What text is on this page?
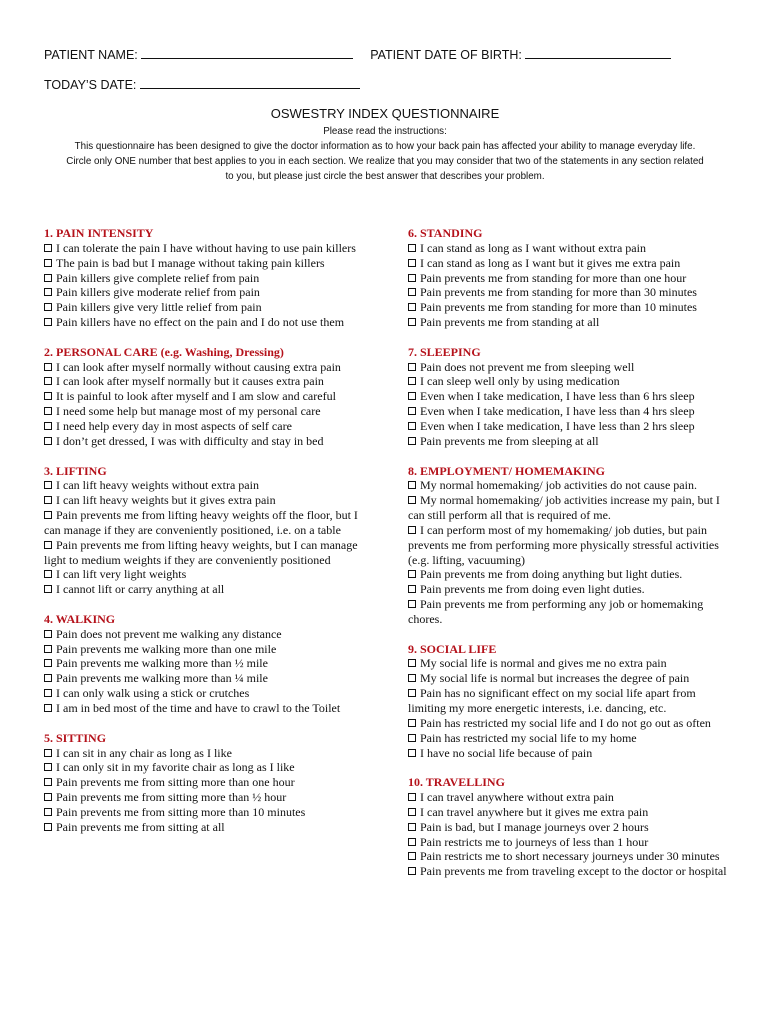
PATIENT NAME:	PATIENT DATE OF BIRTH:
TODAY’S DATE:
OSWESTRY INDEX QUESTIONNAIRE
Please read the instructions:
This questionnaire has been designed to give the doctor information as to how your back pain has affected your ability to manage everyday life.
Circle only ONE number that best applies to you in each section. We realize that you may consider that two of the statements in any section related
to you, but please just circle the best answer that describes your problem.
1. PAIN INTENSITY
I can tolerate the pain I have without having to use pain killers
The pain is bad but I manage without taking pain killers
Pain killers give complete relief from pain
Pain killers give moderate relief from pain
Pain killers give very little relief from pain
Pain killers have no effect on the pain and I do not use them
2. PERSONAL CARE (e.g. Washing, Dressing)
I can look after myself normally without causing extra pain
I can look after myself normally but it causes extra pain
It is painful to look after myself and I am slow and careful
I need some help but manage most of my personal care
I need help every day in most aspects of self care
I don’t get dressed, I was with difficulty and stay in bed
3. LIFTING
I can lift heavy weights without extra pain
I can lift heavy weights but it gives extra pain
Pain prevents me from lifting heavy weights off the floor, but I can manage if they are conveniently positioned, i.e. on a table
Pain prevents me from lifting heavy weights, but I can manage light to medium weights if they are conveniently positioned
I can lift very light weights
I cannot lift or carry anything at all
4. WALKING
Pain does not prevent me walking any distance
Pain prevents me walking more than one mile
Pain prevents me walking more than ½ mile
Pain prevents me walking more than ¼ mile
I can only walk using a stick or crutches
I am in bed most of the time and have to crawl to the Toilet
5. SITTING
I can sit in any chair as long as I like
I can only sit in my favorite chair as long as I like
Pain prevents me from sitting more than one hour
Pain prevents me from sitting more than ½ hour
Pain prevents me from sitting more than 10 minutes
Pain prevents me from sitting at all
6. STANDING
I can stand as long as I want without extra pain
I can stand as long as I want but it gives me extra pain
Pain prevents me from standing for more than one hour
Pain prevents me from standing for more than 30 minutes
Pain prevents me from standing for more than 10 minutes
Pain prevents me from standing at all
7. SLEEPING
Pain does not prevent me from sleeping well
I can sleep well only by using medication
Even when I take medication, I have less than 6 hrs sleep
Even when I take medication, I have less than 4 hrs sleep
Even when I take medication, I have less than 2 hrs sleep
Pain prevents me from sleeping at all
8. EMPLOYMENT/ HOMEMAKING
My normal homemaking/ job activities do not cause pain.
My normal homemaking/ job activities increase my pain, but I can still perform all that is required of me.
I can perform most of my homemaking/ job duties, but pain prevents me from performing more physically stressful activities (e.g. lifting, vacuuming)
Pain prevents me from doing anything but light duties.
Pain prevents me from doing even light duties.
Pain prevents me from performing any job or homemaking chores.
9. SOCIAL LIFE
My social life is normal and gives me no extra pain
My social life is normal but increases the degree of pain
Pain has no significant effect on my social life apart from limiting my more energetic interests, i.e. dancing, etc.
Pain has restricted my social life and I do not go out as often
Pain has restricted my social life to my home
I have no social life because of pain
10. TRAVELLING
I can travel anywhere without extra pain
I can travel anywhere but it gives me extra pain
Pain is bad, but I manage journeys over 2 hours
Pain restricts me to journeys of less than 1 hour
Pain restricts me to short necessary journeys under 30 minutes
Pain prevents me from traveling except to the doctor or hospital
